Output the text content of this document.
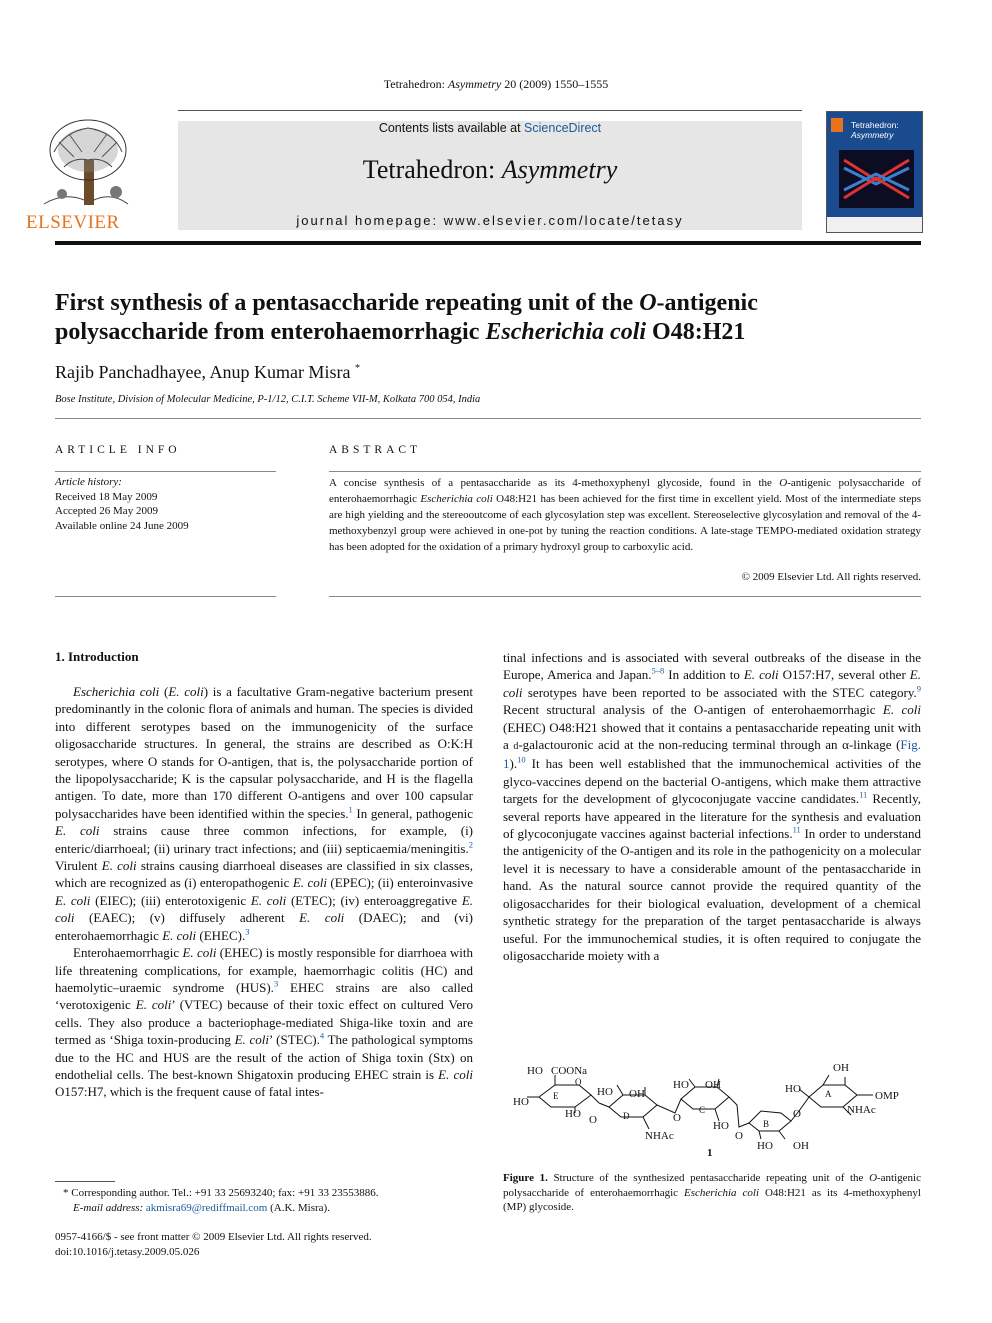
Tetrahedron: Asymmetry 20 (2009) 1550–1555
ELSEVIER
Contents lists available at ScienceDirect
Tetrahedron: Asymmetry
journal homepage: www.elsevier.com/locate/tetasy
Tetrahedron:
Asymmetry
First synthesis of a pentasaccharide repeating unit of the O-antigenic
polysaccharide from enterohaemorrhagic Escherichia coli O48:H21
Rajib Panchadhayee, Anup Kumar Misra *
Bose Institute, Division of Molecular Medicine, P-1/12, C.I.T. Scheme VII-M, Kolkata 700 054, India
ARTICLE INFO
Article history:
Received 18 May 2009
Accepted 26 May 2009
Available online 24 June 2009
ABSTRACT
A concise synthesis of a pentasaccharide as its 4-methoxyphenyl glycoside, found in the O-antigenic polysaccharide of enterohaemorrhagic Escherichia coli O48:H21 has been achieved for the first time in excellent yield. Most of the intermediate steps are high yielding and the stereooutcome of each glycosylation step was excellent. Stereoselective glycosylation and removal of the 4-methoxybenzyl group were achieved in one-pot by tuning the reaction conditions. A late-stage TEMPO-mediated oxidation strategy has been adopted for the oxidation of a primary hydroxyl group to carboxylic acid.
© 2009 Elsevier Ltd. All rights reserved.
1. Introduction

Escherichia coli (E. coli) is a facultative Gram-negative bacterium present predominantly in the colonic flora of animals and human. The species is divided into different serotypes based on the immunogenicity of the surface oligosaccharide structures. In general, the strains are described as O:K:H serotypes, where O stands for O-antigen, that is, the polysaccharide portion of the lipopolysaccharide; K is the capsular polysaccharide, and H is the flagella antigen. To date, more than 170 different O-antigens and over 100 capsular polysaccharides have been identified within the species.$^1$ In general, pathogenic E. coli strains cause three common infections, for example, (i) enteric/diarrhoeal; (ii) urinary tract infections; and (iii) septicaemia/meningitis.$^2$ Virulent E. coli strains causing diarrhoeal diseases are classified in six classes, which are recognized as (i) enteropathogenic E. coli (EPEC); (ii) enteroinvasive E. coli (EIEC); (iii) enterotoxigenic E. coli (ETEC); (iv) enteroaggregative E. coli (EAEC); (v) diffusely adherent E. coli (DAEC); and (vi) enterohaemorrhagic E. coli (EHEC).$^3$

Enterohaemorrhagic E. coli (EHEC) is mostly responsible for diarrhoea with life threatening complications, for example, haemorrhagic colitis (HC) and haemolytic–uraemic syndrome (HUS).$^3$ EHEC strains are also called ‘verotoxigenic E. coli’ (VTEC) because of their toxic effect on cultured Vero cells. They also produce a bacteriophage-mediated Shiga-like toxin and are termed as ‘Shiga toxin-producing E. coli’ (STEC).$^4$ The pathological symptoms due to the HC and HUS are the result of the action of Shiga toxin (Stx) on endothelial cells. The best-known Shigatoxin producing EHEC strain is E. coli O157:H7, which is the frequent cause of fatal intes-

tinal infections and is associated with several outbreaks of the disease in the Europe, America and Japan.$^{5-8}$ In addition to E. coli O157:H7, several other E. coli serotypes have been reported to be associated with the STEC category.$^9$ Recent structural analysis of the O-antigen of enterohaemorrhagic E. coli (EHEC) O48:H21 showed that it contains a pentasaccharide repeating unit with a d-galactouronic acid at the non-reducing terminal through an α-linkage (Fig. 1).$^{10}$ It has been well established that the immunochemical activities of the glyco-vaccines depend on the bacterial O-antigens, which make them attractive targets for the development of glycoconjugate vaccine candidates.$^{11}$ Recently, several reports have appeared in the literature for the synthesis and evaluation of glycoconjugate vaccines against bacterial infections.$^{11}$ In order to understand the antigenicity of the O-antigen and its role in the pathogenicity on a molecular level it is necessary to have a considerable amount of the pentasaccharide in hand. As the natural source cannot provide the required quantity of the oligosaccharides for their biological evaluation, development of a chemical synthetic strategy for the preparation of the target pentasaccharide is always useful. For the immunochemical studies, it is often required to conjugate the oligosaccharide moiety with a

HO COONa
HO
HO
E
O
O
HO OH
D
NHAc
O
HO OH
C
HO
O
B
HO OH
O
HO
OH
A	OMP
NHAc
1
Figure 1. Structure of the synthesized pentasaccharide repeating unit of the O-antigenic polysaccharide of enterohaemorrhagic Escherichia coli O48:H21 as its 4-methoxyphenyl (MP) glycoside.
* Corresponding author. Tel.: +91 33 25693240; fax: +91 33 23553886.
E-mail address: akmisra69@rediffmail.com (A.K. Misra).
0957-4166/$ - see front matter © 2009 Elsevier Ltd. All rights reserved.
doi:10.1016/j.tetasy.2009.05.026
